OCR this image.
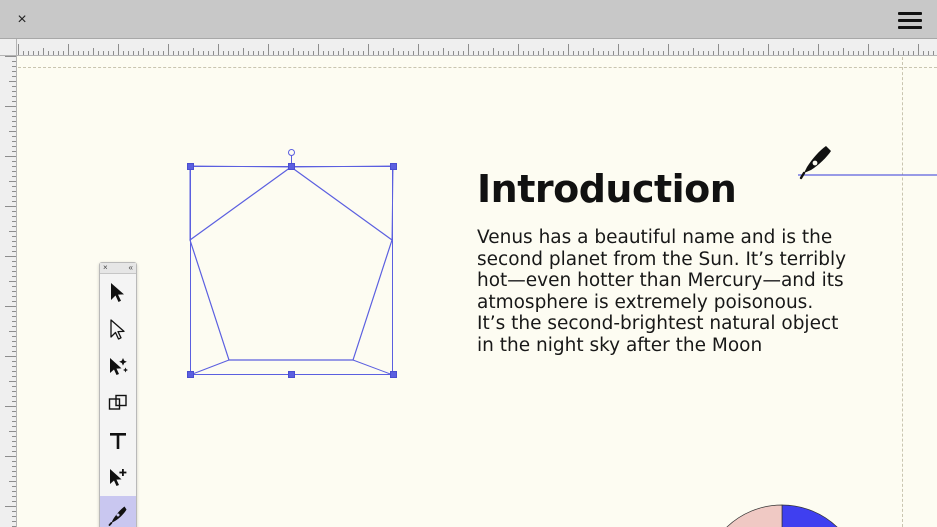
×
Introduction
Venus has a beautiful name and is the second planet from the Sun. It’s terribly hot—even hotter than Mercury—and its atmosphere is extremely poisonous. It’s the second-brightest natural object in the night sky after the Moon
×	«
